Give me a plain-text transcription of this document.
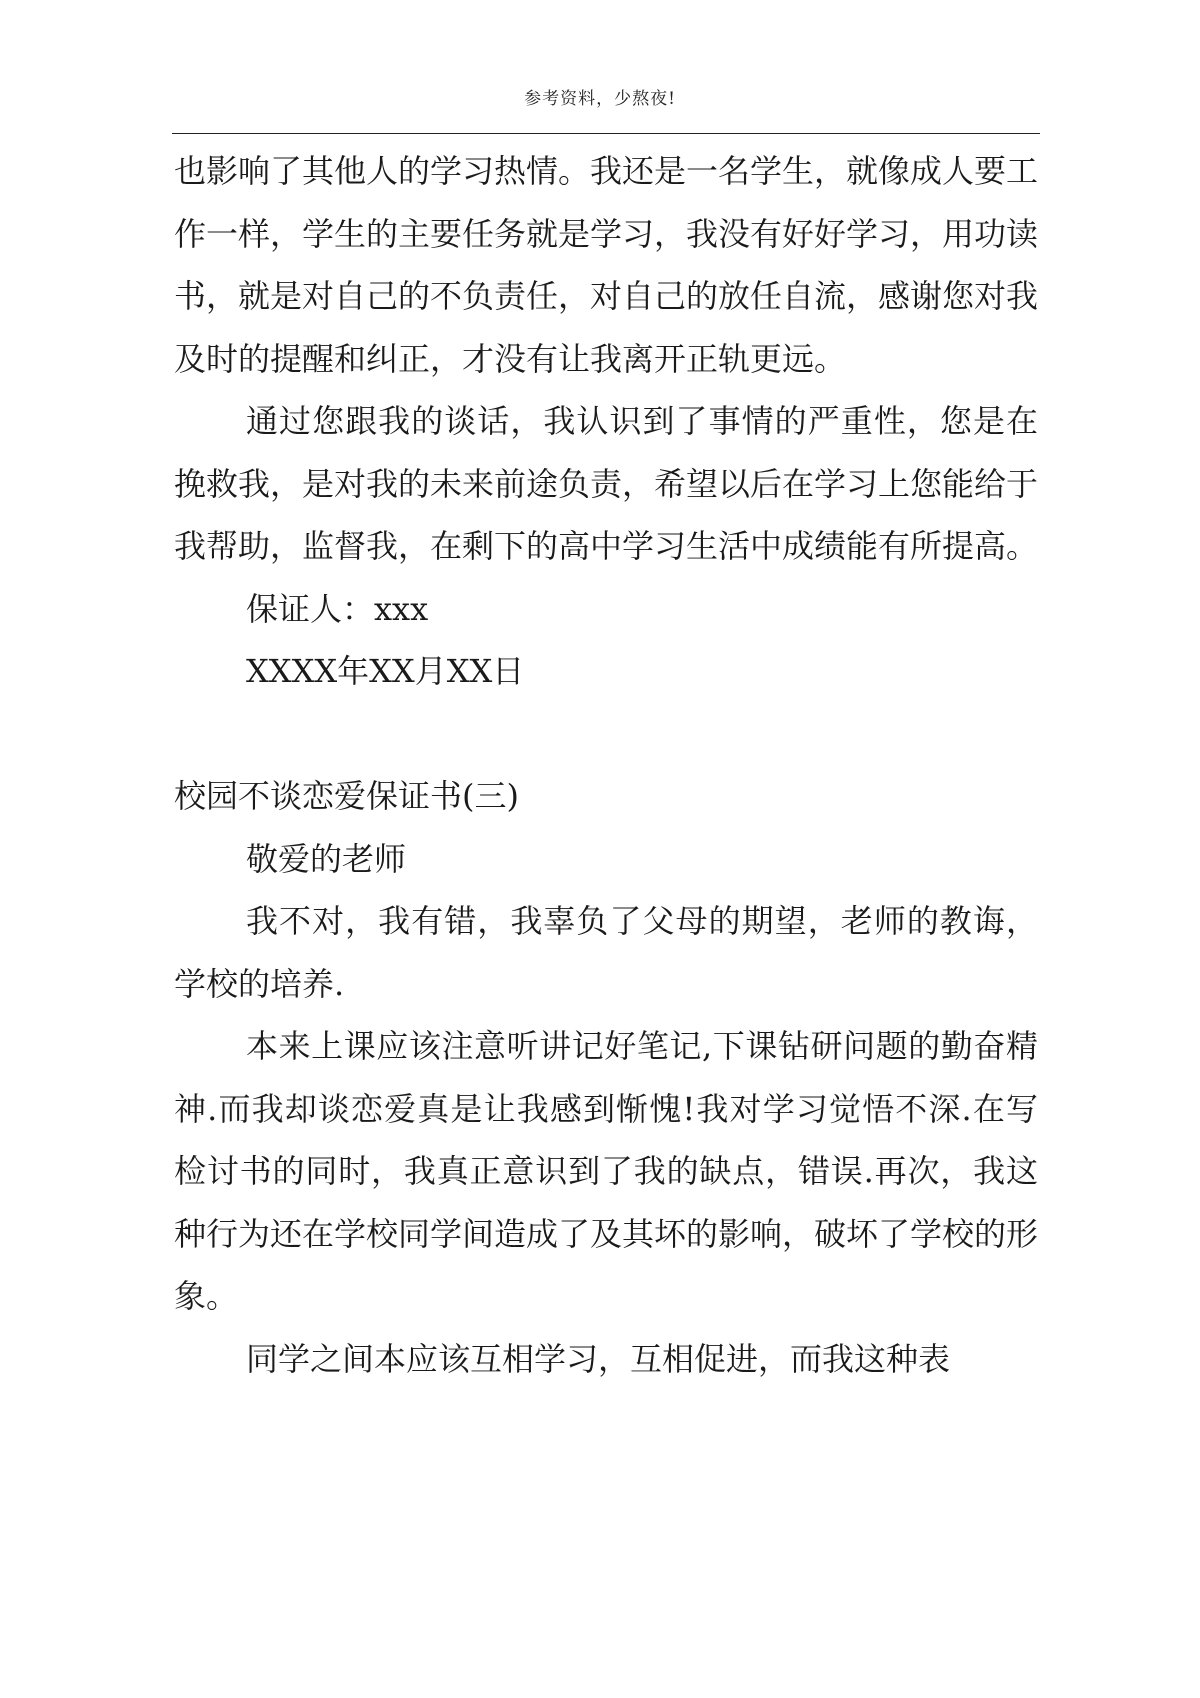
参考资料，少熬夜!

也影响了其他人的学习热情。我还是一名学生，就像成人要工作一样，学生的主要任务就是学习，我没有好好学习，用功读书，就是对自己的不负责任，对自己的放任自流，感谢您对我及时的提醒和纠正，才没有让我离开正轨更远。

通过您跟我的谈话，我认识到了事情的严重性，您是在挽救我，是对我的未来前途负责，希望以后在学习上您能给于我帮助，监督我，在剩下的高中学习生活中成绩能有所提高。

保证人：xxx

XXXX年XX月XX日

校园不谈恋爱保证书(三)

敬爱的老师

我不对，我有错，我辜负了父母的期望，老师的教诲，学校的培养.

本来上课应该注意听讲记好笔记,下课钻研问题的勤奋精神.而我却谈恋爱真是让我感到惭愧!我对学习觉悟不深.在写检讨书的同时，我真正意识到了我的缺点，错误.再次，我这种行为还在学校同学间造成了及其坏的影响，破坏了学校的形象。

同学之间本应该互相学习，互相促进，而我这种表
